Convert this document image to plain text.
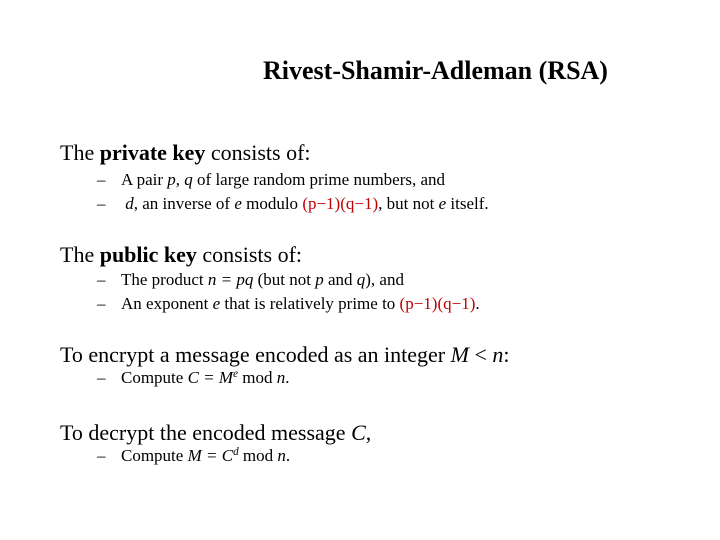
Rivest-Shamir-Adleman (RSA)
The private key consists of:
– A pair p, q of large random prime numbers, and
– d, an inverse of e modulo (p−1)(q−1), but not e itself.
The public key consists of:
– The product n = pq (but not p and q), and
– An exponent e that is relatively prime to (p−1)(q−1).
To encrypt a message encoded as an integer M < n:
– Compute $C = M^e$ mod n.
To decrypt the encoded message C,
– Compute $M = C^d$ mod n.
